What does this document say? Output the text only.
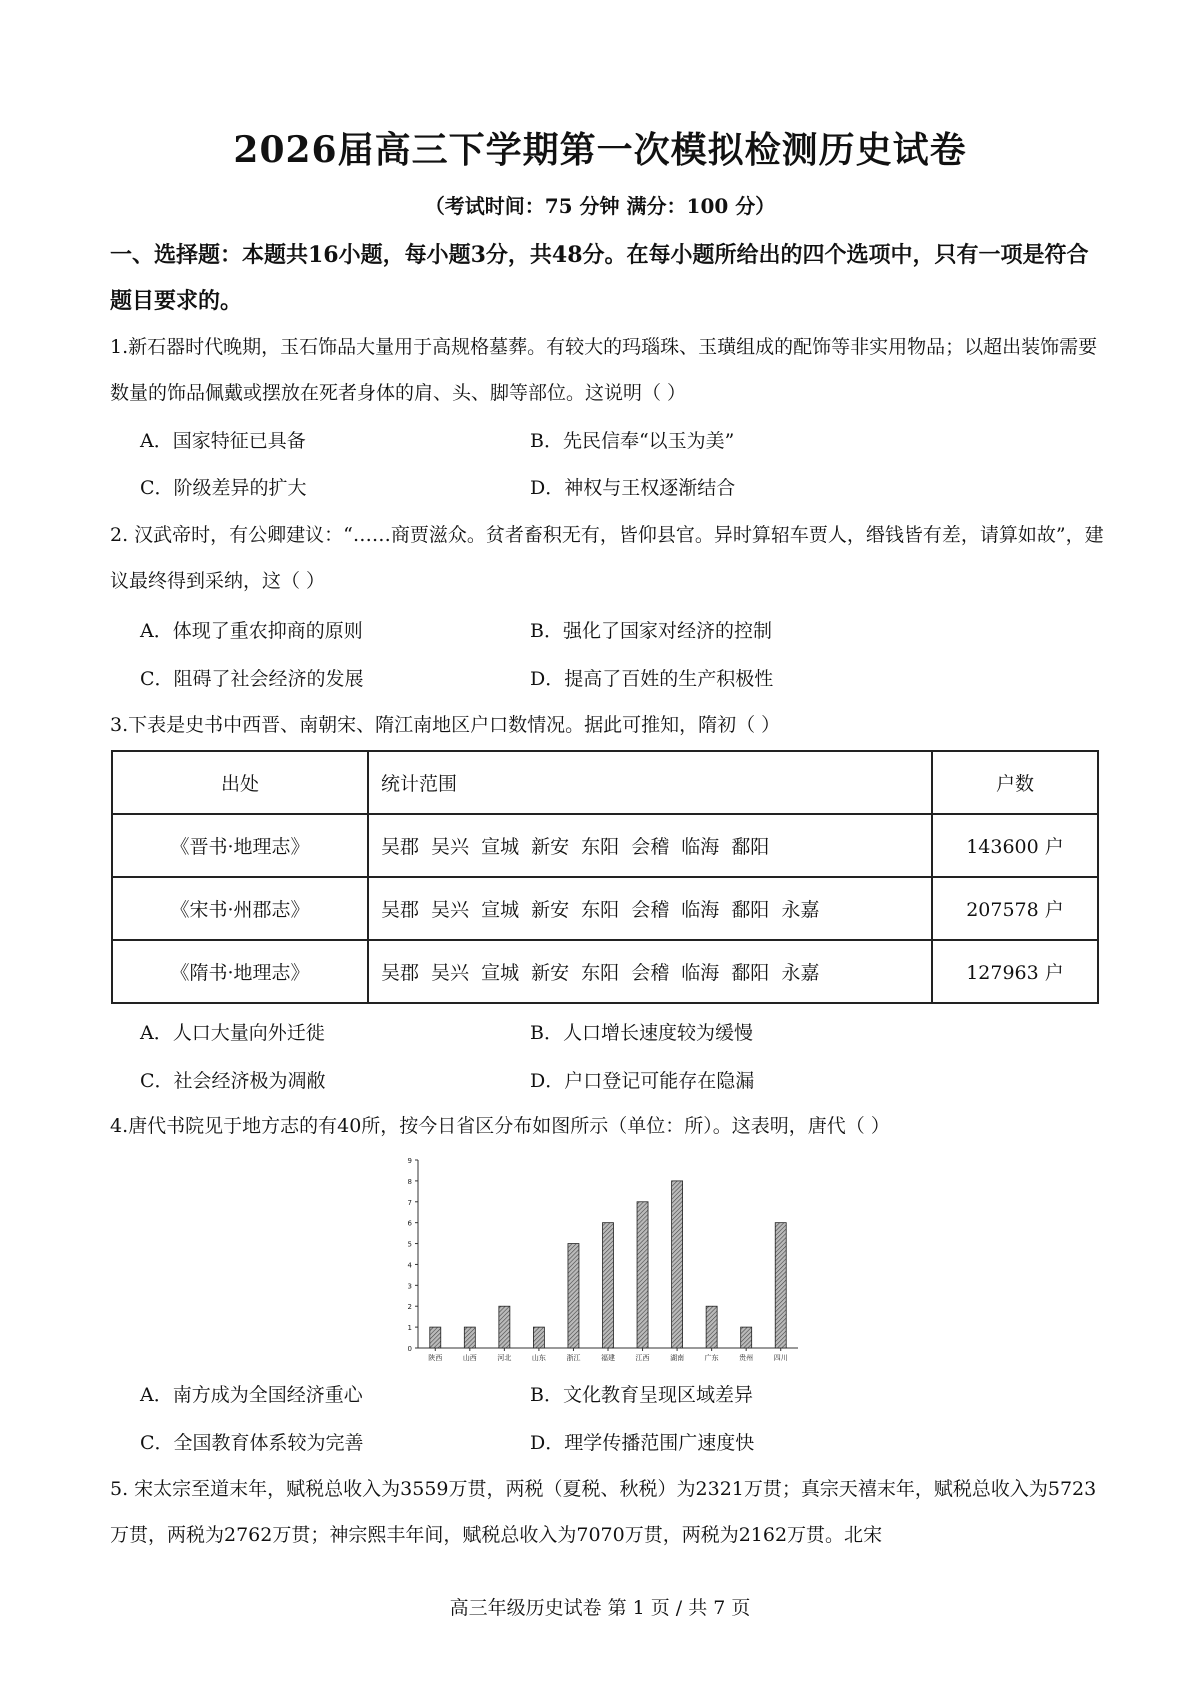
2026届高三下学期第一次模拟检测历史试卷
（考试时间：75 分钟 满分：100 分）
一、选择题：本题共16小题，每小题3分，共48分。在每小题所给出的四个选项中，只有一项是符合题目要求的。
1.新石器时代晚期，玉石饰品大量用于高规格墓葬。有较大的玛瑙珠、玉璜组成的配饰等非实用物品；以超出装饰需要数量的饰品佩戴或摆放在死者身体的肩、头、脚等部位。这说明（ ）
A．国家特征已具备	B．先民信奉“以玉为美”
C．阶级差异的扩大	D．神权与王权逐渐结合
2. 汉武帝时，有公卿建议：“……商贾滋众。贫者畜积无有，皆仰县官。异时算轺车贾人，缗钱皆有差，请算如故”，建议最终得到采纳，这（ ）
A．体现了重农抑商的原则	B．强化了国家对经济的控制
C．阻碍了社会经济的发展	D．提高了百姓的生产积极性
3.下表是史书中西晋、南朝宋、隋江南地区户口数情况。据此可推知，隋初（ ）
出处	统计范围	户数
《晋书·地理志》	吴郡 吴兴 宣城 新安 东阳 会稽 临海 鄱阳	143600 户
《宋书·州郡志》	吴郡 吴兴 宣城 新安 东阳 会稽 临海 鄱阳 永嘉	207578 户
《隋书·地理志》	吴郡 吴兴 宣城 新安 东阳 会稽 临海 鄱阳 永嘉	127963 户
A．人口大量向外迁徙	B．人口增长速度较为缓慢
C．社会经济极为凋敝	D．户口登记可能存在隐漏
4.唐代书院见于地方志的有40所，按今日省区分布如图所示（单位：所）。这表明，唐代（ ）
0
1
2
3
4
5
6
7
8
9
陕西	山西	河北	山东	浙江	福建	江西	湖南	广东	贵州	四川
A．南方成为全国经济重心	B．文化教育呈现区域差异
C．全国教育体系较为完善	D．理学传播范围广速度快
5. 宋太宗至道末年，赋税总收入为3559万贯，两税（夏税、秋税）为2321万贯；真宗天禧末年，赋税总收入为5723万贯，两税为2762万贯；神宗熙丰年间，赋税总收入为7070万贯，两税为2162万贯。北宋
高三年级历史试卷 第 1 页 / 共 7 页
